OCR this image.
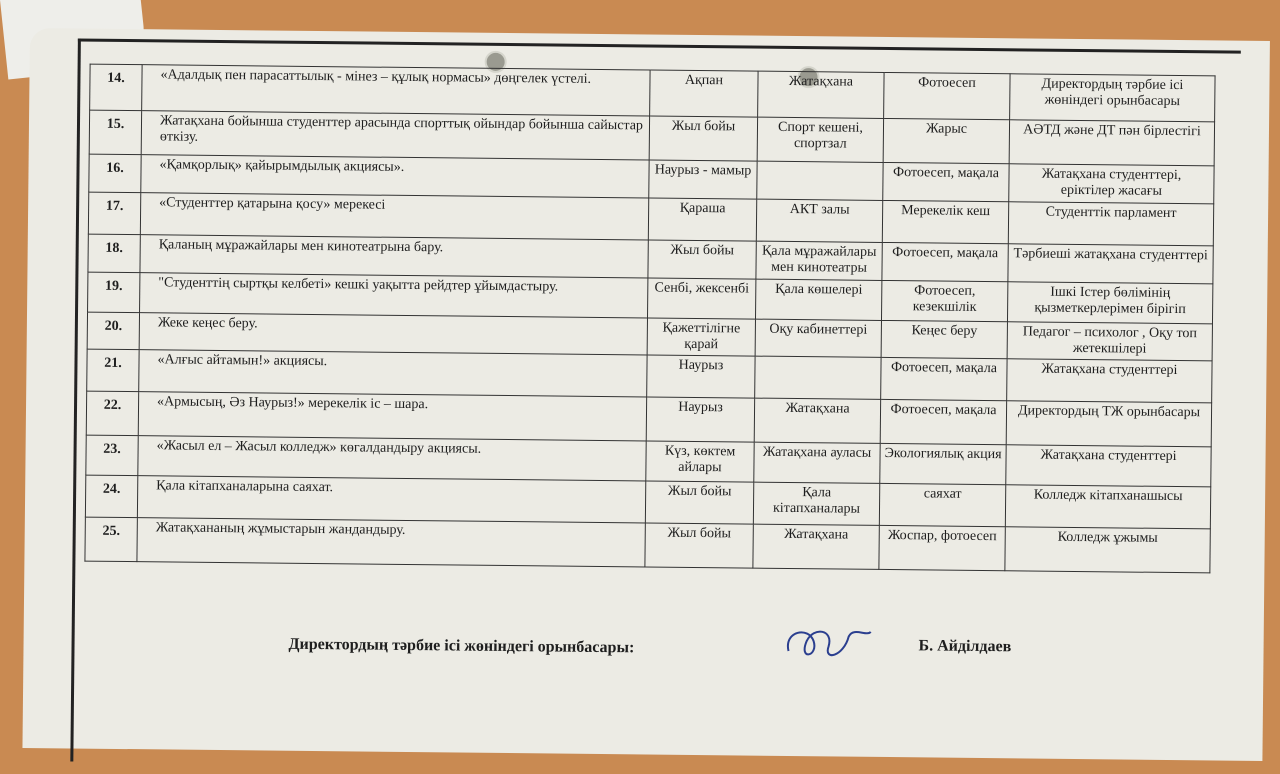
14.	«Адалдық пен парасаттылық - мінез – құлық нормасы» дөңгелек үстелі.	Ақпан	Жатақхана	Фотоесеп	Директордың тәрбие ісі жөніндегі орынбасары
15.	Жатақхана бойынша студенттер арасында спорттық ойындар бойынша сайыстар өткізу.	Жыл бойы	Спорт кешені, спортзал	Жарыс	АӘТД және ДТ пән бірлестігі
16.	«Қамқорлық» қайырымдылық акциясы».	Наурыз - мамыр		Фотоесеп, мақала	Жатақхана студенттері, еріктілер жасағы
17.	«Студенттер қатарына қосу» мерекесі	Қараша	АКТ залы	Мерекелік кеш	Студенттік парламент
18.	Қаланың мұражайлары мен кинотеатрына бару.	Жыл бойы	Қала мұражайлары мен кинотеатры	Фотоесеп, мақала	Тәрбиеші жатақхана студенттері
19.	"Студенттің сыртқы келбеті» кешкі уақытта рейдтер ұйымдастыру.	Сенбі, жексенбі	Қала көшелері	Фотоесеп, кезекшілік	Ішкі Істер бөлімінің қызметкерлерімен бірігіп
20.	Жеке кеңес беру.	Қажеттілігне қарай	Оқу кабинеттері	Кеңес беру	Педагог – психолог , Оқу топ жетекшілері
21.	«Алғыс айтамын!» акциясы.	Наурыз		Фотоесеп, мақала	Жатақхана студенттері
22.	«Армысың, Әз Наурыз!» мерекелік іс – шара.	Наурыз	Жатақхана	Фотоесеп, мақала	Директордың ТЖ орынбасары
23.	«Жасыл ел – Жасыл колледж» көгалдандыру акциясы.	Күз, көктем айлары	Жатақхана ауласы	Экологиялық акция	Жатақхана студенттері
24.	Қала кітапханаларына саяхат.	Жыл бойы	Қала кітапханалары	саяхат	Колледж кітапханашысы
25.	Жатақхананың жұмыстарын жандандыру.	Жыл бойы	Жатақхана	Жоспар, фотоесеп	Колледж ұжымы
Директордың тәрбие ісі жөніндегі орынбасары:	Б. Айділдаев
